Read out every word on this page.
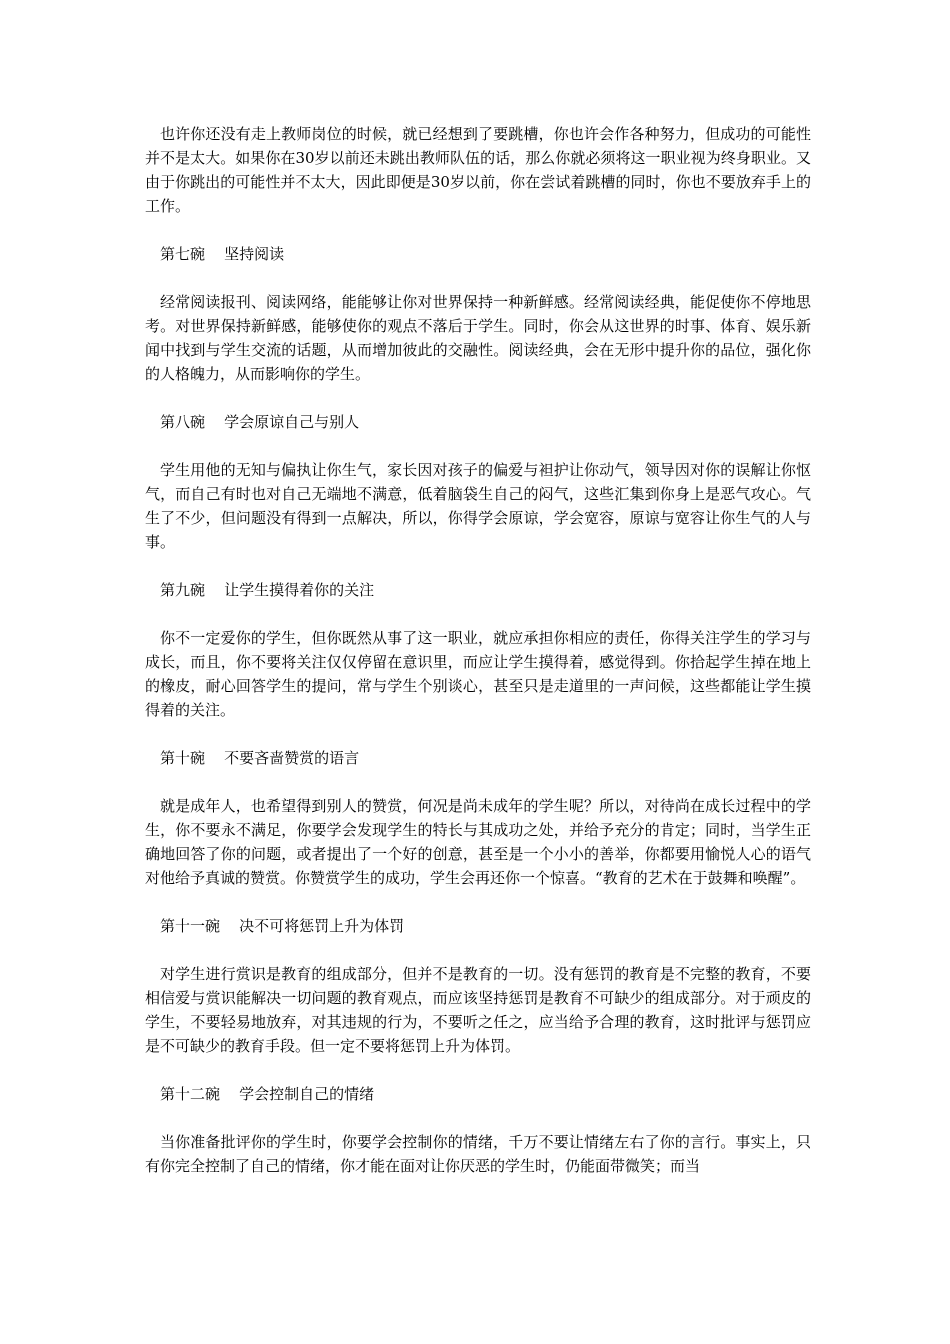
也许你还没有走上教师岗位的时候，就已经想到了要跳槽，你也许会作各种努力，但成功的可能性并不是太大。如果你在30岁以前还未跳出教师队伍的话，那么你就必须将这一职业视为终身职业。又由于你跳出的可能性并不太大，因此即便是30岁以前，你在尝试着跳槽的同时，你也不要放弃手上的工作。

第七碗    坚持阅读

经常阅读报刊、阅读网络，能能够让你对世界保持一种新鲜感。经常阅读经典，能促使你不停地思考。对世界保持新鲜感，能够使你的观点不落后于学生。同时，你会从这世界的时事、体育、娱乐新闻中找到与学生交流的话题，从而增加彼此的交融性。阅读经典，会在无形中提升你的品位，强化你的人格魄力，从而影响你的学生。

第八碗    学会原谅自己与别人

学生用他的无知与偏执让你生气，家长因对孩子的偏爱与袒护让你动气，领导因对你的误解让你怄气，而自己有时也对自己无端地不满意，低着脑袋生自己的闷气，这些汇集到你身上是恶气攻心。气生了不少，但问题没有得到一点解决，所以，你得学会原谅，学会宽容，原谅与宽容让你生气的人与事。

第九碗    让学生摸得着你的关注

你不一定爱你的学生，但你既然从事了这一职业，就应承担你相应的责任，你得关注学生的学习与成长，而且，你不要将关注仅仅停留在意识里，而应让学生摸得着，感觉得到。你拾起学生掉在地上的橡皮，耐心回答学生的提问，常与学生个别谈心，甚至只是走道里的一声问候，这些都能让学生摸得着的关注。

第十碗    不要吝啬赞赏的语言

就是成年人，也希望得到别人的赞赏，何况是尚未成年的学生呢？所以，对待尚在成长过程中的学生，你不要永不满足，你要学会发现学生的特长与其成功之处，并给予充分的肯定；同时，当学生正确地回答了你的问题，或者提出了一个好的创意，甚至是一个小小的善举，你都要用愉悦人心的语气对他给予真诚的赞赏。你赞赏学生的成功，学生会再还你一个惊喜。“教育的艺术在于鼓舞和唤醒”。

第十一碗    决不可将惩罚上升为体罚

对学生进行赏识是教育的组成部分，但并不是教育的一切。没有惩罚的教育是不完整的教育，不要相信爱与赏识能解决一切问题的教育观点，而应该坚持惩罚是教育不可缺少的组成部分。对于顽皮的学生，不要轻易地放弃，对其违规的行为，不要听之任之，应当给予合理的教育，这时批评与惩罚应是不可缺少的教育手段。但一定不要将惩罚上升为体罚。

第十二碗    学会控制自己的情绪

当你准备批评你的学生时，你要学会控制你的情绪，千万不要让情绪左右了你的言行。事实上，只有你完全控制了自己的情绪，你才能在面对让你厌恶的学生时，仍能面带微笑；而当
